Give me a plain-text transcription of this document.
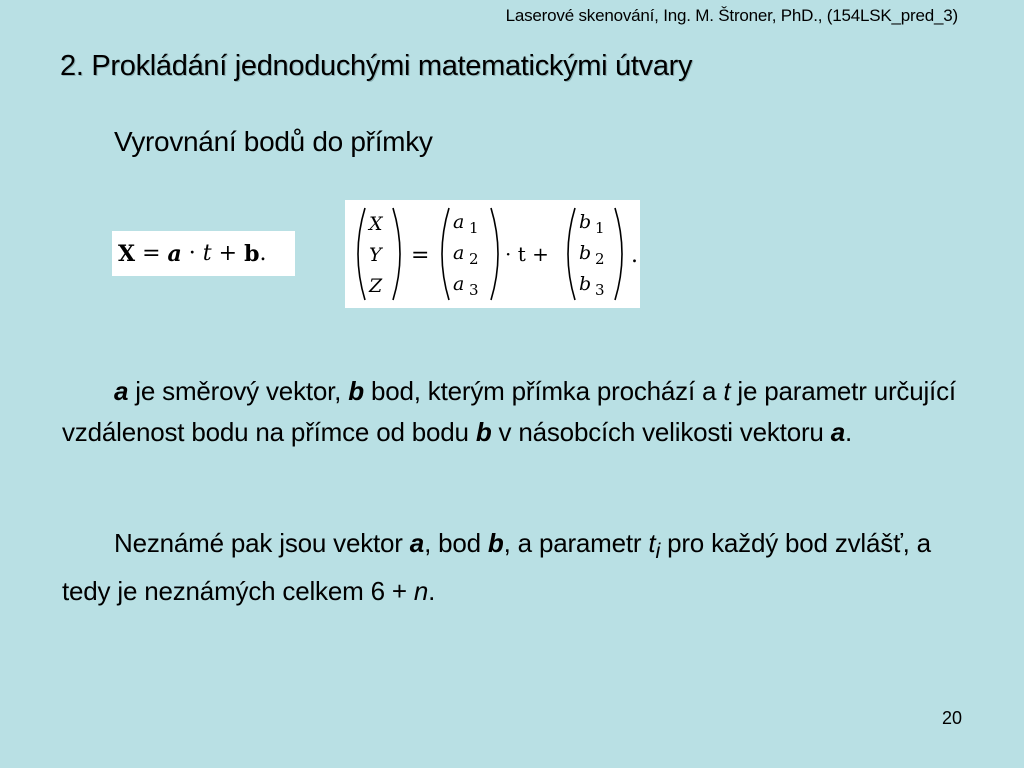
Laserové skenování, Ing. M. Štroner, PhD., (154LSK_pred_3)
2. Prokládání jednoduchými matematickými útvary
Vyrovnání bodů do přímky
X
=
a
·
t
+
b .
X
Y
Z
a
a
a
b
b
b
1
2
3
1
2
3
=	· t +	.
a je směrový vektor, b bod, kterým přímka prochází a t je parametr určující vzdálenost bodu na přímce od bodu b v násobcích velikosti vektoru a.
Neznámé pak jsou vektor a, bod b, a parametr $t_i$ pro každý bod zvlášť, a tedy je neznámých celkem 6 + n.
20
